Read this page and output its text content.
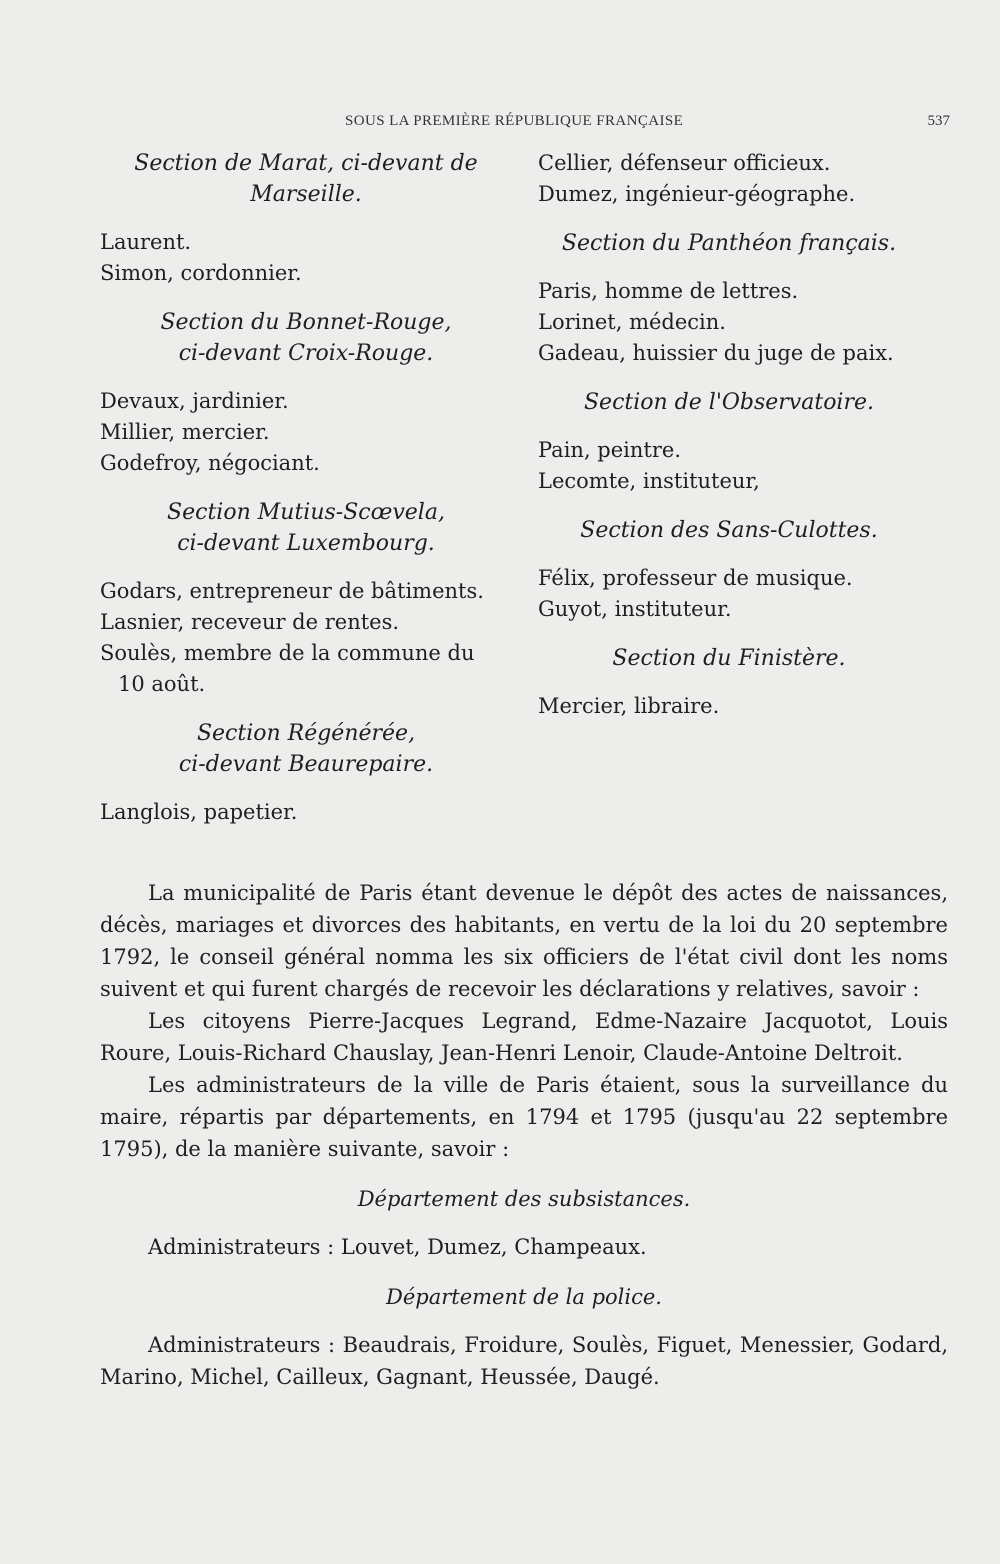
SOUS LA PREMIÈRE RÉPUBLIQUE FRANÇAISE	537

Section de Marat, ci-devant de

Marseille.

Laurent.

Simon, cordonnier.

Section du Bonnet-Rouge,

ci-devant Croix-Rouge.

Devaux, jardinier.

Millier, mercier.

Godefroy, négociant.

Section Mutius-Scœvela,

ci-devant Luxembourg.

Godars, entrepreneur de bâtiments.

Lasnier, receveur de rentes.

Soulès, membre de la commune du

10 août.

Section Régénérée,

ci-devant Beaurepaire.

Langlois, papetier.

Cellier, défenseur officieux.

Dumez, ingénieur-géographe.

Section du Panthéon français.

Paris, homme de lettres.

Lorinet, médecin.

Gadeau, huissier du juge de paix.

Section de l'Observatoire.

Pain, peintre.

Lecomte, instituteur,

Section des Sans-Culottes.

Félix, professeur de musique.

Guyot, instituteur.

Section du Finistère.

Mercier, libraire.

La municipalité de Paris étant devenue le dépôt des actes de naissances, décès, mariages et divorces des habitants, en vertu de la loi du 20 septembre 1792, le conseil général nomma les six officiers de l'état civil dont les noms suivent et qui furent chargés de recevoir les déclarations y relatives, savoir :

Les citoyens Pierre-Jacques Legrand, Edme-Nazaire Jacquotot, Louis Roure, Louis-Richard Chauslay, Jean-Henri Lenoir, Claude-Antoine Deltroit.

Les administrateurs de la ville de Paris étaient, sous la surveillance du maire, répartis par départements, en 1794 et 1795 (jusqu'au 22 septembre 1795), de la manière suivante, savoir :

Département des subsistances.

Administrateurs : Louvet, Dumez, Champeaux.

Département de la police.

Administrateurs : Beaudrais, Froidure, Soulès, Figuet, Menessier, Godard, Marino, Michel, Cailleux, Gagnant, Heussée, Daugé.
